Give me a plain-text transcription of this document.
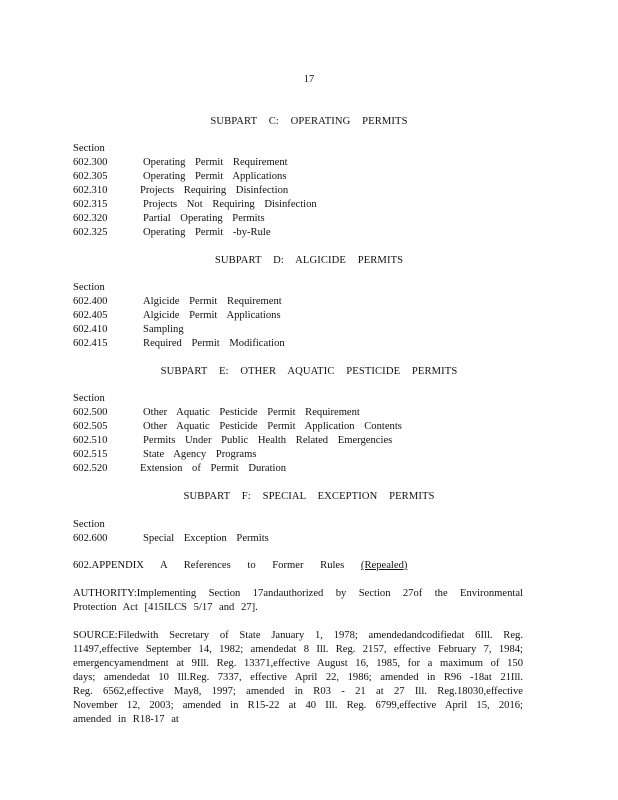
17
SUBPART C: OPERATING PERMITS
Section
602.300	Operating Permit Requirement
602.305	Operating Permit Applications
602.310	Projects Requiring Disinfection
602.315	Projects Not Requiring Disinfection
602.320	Partial Operating Permits
602.325	Operating Permit -by-Rule
SUBPART D: ALGICIDE PERMITS
Section
602.400	Algicide Permit Requirement
602.405	Algicide Permit Applications
602.410	Sampling
602.415	Required Permit Modification
SUBPART E: OTHER AQUATIC PESTICIDE PERMITS
Section
602.500	Other Aquatic Pesticide Permit Requirement
602.505	Other Aquatic Pesticide Permit Application Contents
602.510	Permits Under Public Health Related Emergencies
602.515	State Agency Programs
602.520	Extension of Permit Duration
SUBPART F: SPECIAL EXCEPTION PERMITS
Section
602.600	Special Exception Permits
602.APPENDIX A References to Former Rules (Repealed)
AUTHORITY:Implementing Section 17andauthorized by Section 27of the Environmental Protection Act [415ILCS 5/17 and 27].
SOURCE:Filedwith Secretary of State January 1, 1978; amendedandcodifiedat 6Ill. Reg. 11497,effective September 14, 1982; amendedat 8 Ill. Reg. 2157, effective February 7, 1984; emergencyamendment at 9Ill. Reg. 13371,effective August 16, 1985, for a maximum of 150 days; amendedat 10 Ill.Reg. 7337, effective April 22, 1986; amended in R96 -18at 21Ill. Reg. 6562,effective May8, 1997; amended in R03 - 21 at 27 Ill. Reg.18030,effective November 12, 2003; amended in R15-22 at 40 Ill. Reg. 6799,effective April 15, 2016; amended in R18-17 at
